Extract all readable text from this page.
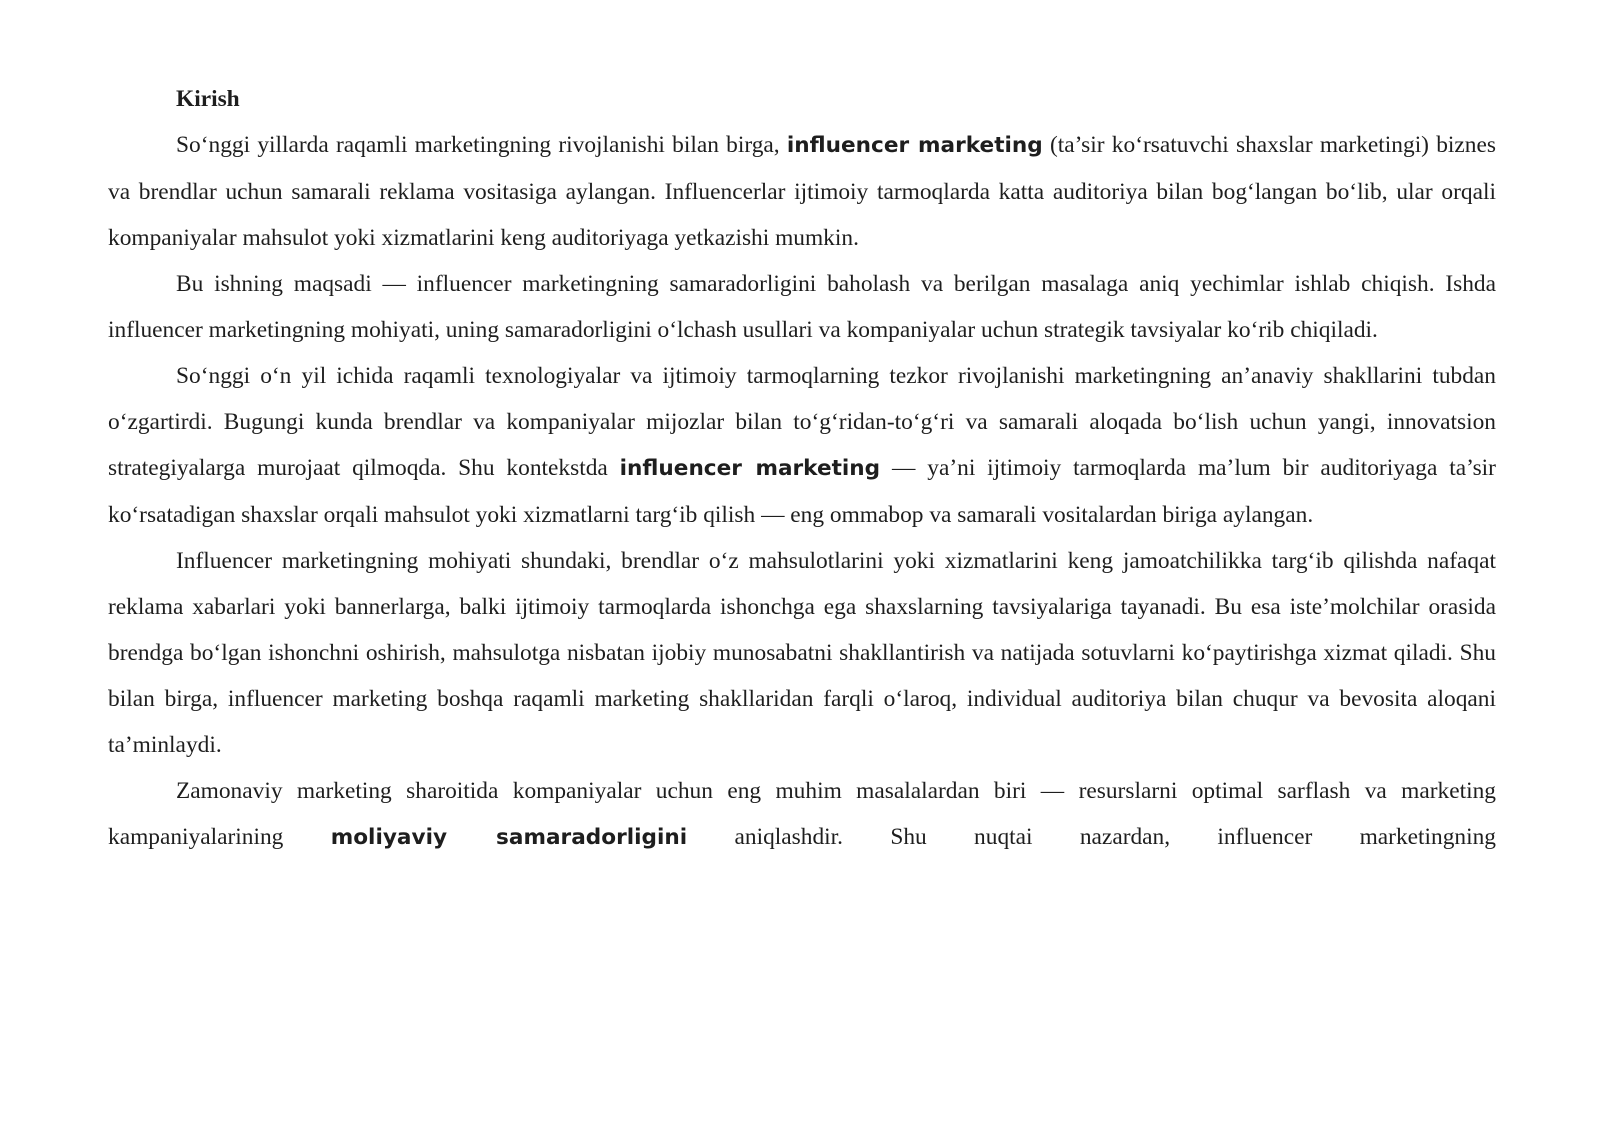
Kirish

So‘nggi yillarda raqamli marketingning rivojlanishi bilan birga, influencer marketing (ta’sir ko‘rsatuvchi shaxslar marketingi) biznes va brendlar uchun samarali reklama vositasiga aylangan. Influencerlar ijtimoiy tarmoqlarda katta auditoriya bilan bog‘langan bo‘lib, ular orqali kompaniyalar mahsulot yoki xizmatlarini keng auditoriyaga yetkazishi mumkin.

Bu ishning maqsadi — influencer marketingning samaradorligini baholash va berilgan masalaga aniq yechimlar ishlab chiqish. Ishda influencer marketingning mohiyati, uning samaradorligini o‘lchash usullari va kompaniyalar uchun strategik tavsiyalar ko‘rib chiqiladi.

So‘nggi o‘n yil ichida raqamli texnologiyalar va ijtimoiy tarmoqlarning tezkor rivojlanishi marketingning an’anaviy shakllarini tubdan o‘zgartirdi. Bugungi kunda brendlar va kompaniyalar mijozlar bilan to‘g‘ridan-to‘g‘ri va samarali aloqada bo‘lish uchun yangi, innovatsion strategiyalarga murojaat qilmoqda. Shu kontekstda influencer marketing — ya’ni ijtimoiy tarmoqlarda ma’lum bir auditoriyaga ta’sir ko‘rsatadigan shaxslar orqali mahsulot yoki xizmatlarni targ‘ib qilish — eng ommabop va samarali vositalardan biriga aylangan.

Influencer marketingning mohiyati shundaki, brendlar o‘z mahsulotlarini yoki xizmatlarini keng jamoatchilikka targ‘ib qilishda nafaqat reklama xabarlari yoki bannerlarga, balki ijtimoiy tarmoqlarda ishonchga ega shaxslarning tavsiyalariga tayanadi. Bu esa iste’molchilar orasida brendga bo‘lgan ishonchni oshirish, mahsulotga nisbatan ijobiy munosabatni shakllantirish va natijada sotuvlarni ko‘paytirishga xizmat qiladi. Shu bilan birga, influencer marketing boshqa raqamli marketing shakllaridan farqli o‘laroq, individual auditoriya bilan chuqur va bevosita aloqani ta’minlaydi.

Zamonaviy marketing sharoitida kompaniyalar uchun eng muhim masalalardan biri — resurslarni optimal sarflash va marketing kampaniyalarining moliyaviy samaradorligini aniqlashdir. Shu nuqtai nazardan, influencer marketingning
